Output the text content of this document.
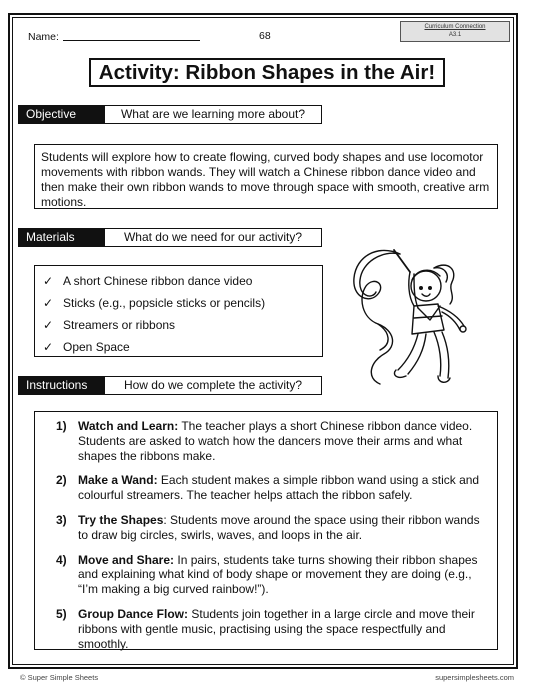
Name:	68
Curriculum Connection
A3.1
Activity: Ribbon Shapes in the Air!
Objective	What are we learning more about?
Students will explore how to create flowing, curved body shapes and use locomotor movements with ribbon wands. They will watch a Chinese ribbon dance video and then make their own ribbon wands to move through space with smooth, creative arm motions.
Materials	What do we need for our activity?
✓ A short Chinese ribbon dance video
✓ Sticks (e.g., popsicle sticks or pencils)
✓ Streamers or ribbons
✓ Open Space
Instructions	How do we complete the activity?
1) Watch and Learn: The teacher plays a short Chinese ribbon dance video. Students are asked to watch how the dancers move their arms and what shapes the ribbons make.
2) Make a Wand: Each student makes a simple ribbon wand using a stick and colourful streamers. The teacher helps attach the ribbon safely.
3) Try the Shapes: Students move around the space using their ribbon wands to draw big circles, swirls, waves, and loops in the air.
4) Move and Share: In pairs, students take turns showing their ribbon shapes and explaining what kind of body shape or movement they are doing (e.g., “I’m making a big curved rainbow!”).
5) Group Dance Flow: Students join together in a large circle and move their ribbons with gentle music, practising using the space respectfully and smoothly.
© Super Simple Sheets	supersimplesheets.com
